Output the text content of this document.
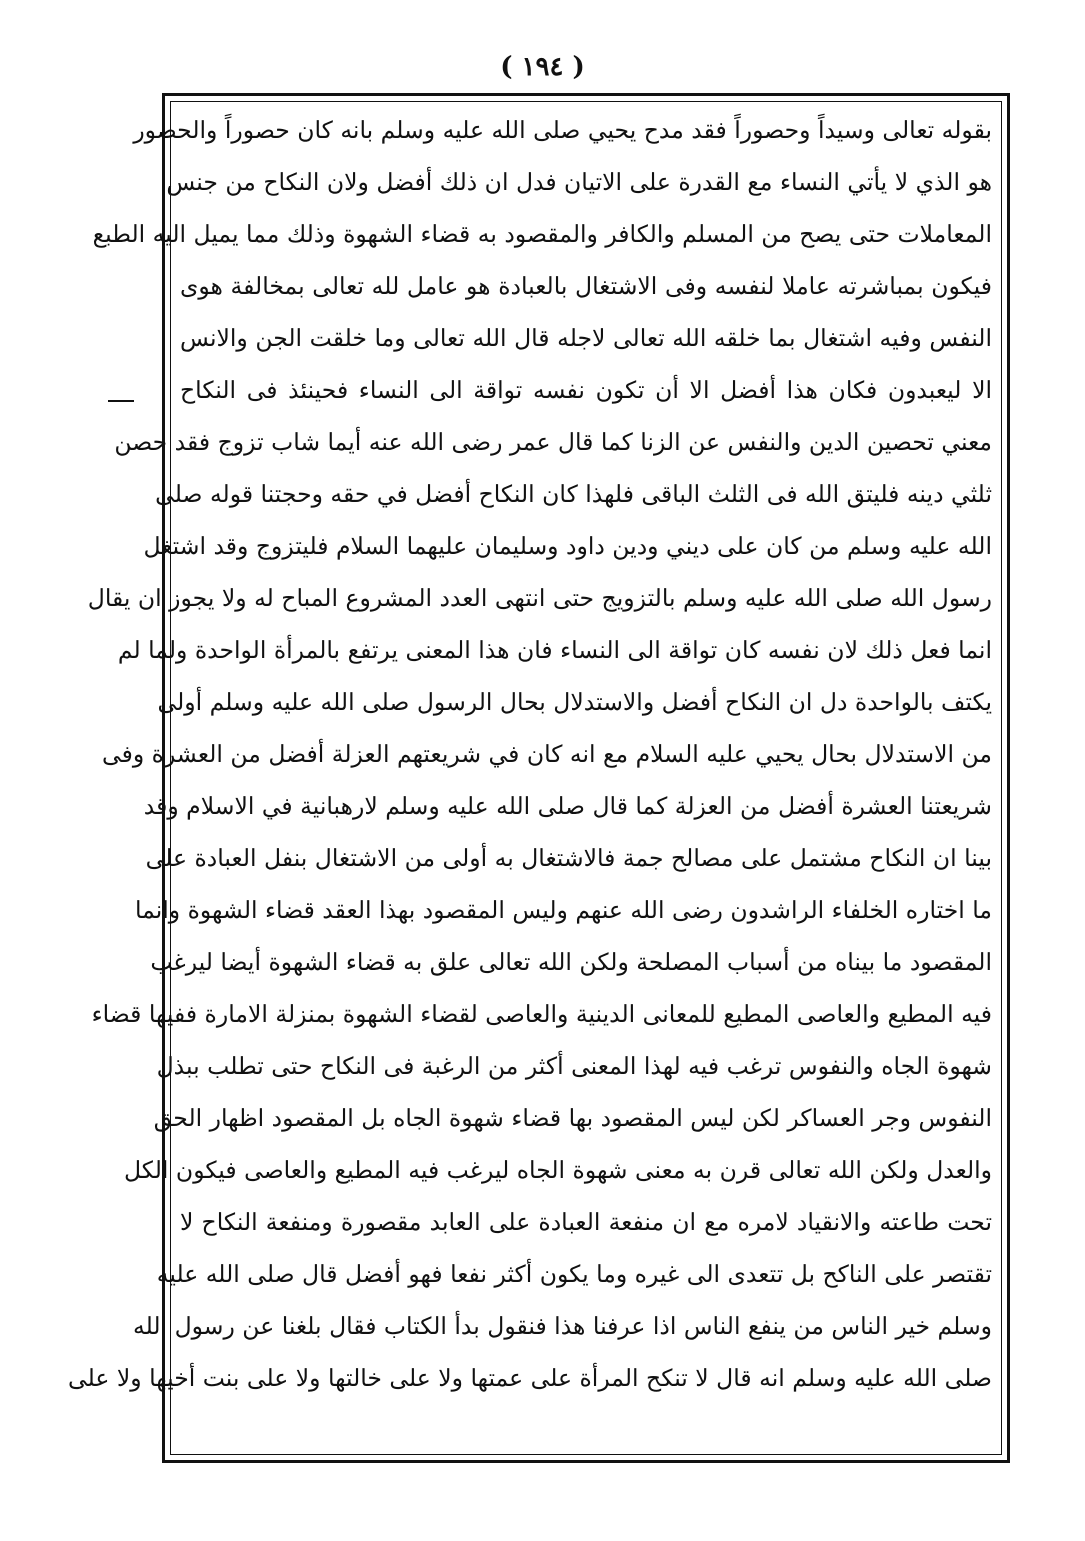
( ١٩٤ )
بقوله تعالى وسيداً وحصوراً فقد مدح يحيي صلى الله عليه وسلم بانه كان حصوراً والحصور
هو الذي لا يأتي النساء مع القدرة على الاتيان فدل ان ذلك أفضل ولان النكاح من جنس
المعاملات حتى يصح من المسلم والكافر والمقصود به قضاء الشهوة وذلك مما يميل اليه الطبع
فيكون بمباشرته عاملا لنفسه وفى الاشتغال بالعبادة هو عامل لله تعالى بمخالفة هوى
النفس وفيه اشتغال بما خلقه الله تعالى لاجله قال الله تعالى وما خلقت الجن والانس
الا ليعبدون فكان هذا أفضل الا أن تكون نفسه تواقة الى النساء فحينئذ فى النكاح
معني تحصين الدين والنفس عن الزنا كما قال عمر رضى الله عنه أيما شاب تزوج فقد حصن
ثلثي دينه فليتق الله فى الثلث الباقى فلهذا كان النكاح أفضل في حقه وحجتنا قوله صلى
الله عليه وسلم من كان على ديني ودين داود وسليمان عليهما السلام فليتزوج وقد اشتغل
رسول الله صلى الله عليه وسلم بالتزويج حتى انتهى العدد المشروع المباح له ولا يجوز ان يقال
انما فعل ذلك لان نفسه كان تواقة الى النساء فان هذا المعنى يرتفع بالمرأة الواحدة ولما لم
يكتف بالواحدة دل ان النكاح أفضل والاستدلال بحال الرسول صلى الله عليه وسلم أولى
من الاستدلال بحال يحيي عليه السلام مع انه كان في شريعتهم العزلة أفضل من العشرة وفى
شريعتنا العشرة أفضل من العزلة كما قال صلى الله عليه وسلم لارهبانية في الاسلام وقد
بينا ان النكاح مشتمل على مصالح جمة فالاشتغال به أولى من الاشتغال بنفل العبادة على
ما اختاره الخلفاء الراشدون رضى الله عنهم وليس المقصود بهذا العقد قضاء الشهوة وانما
المقصود ما بيناه من أسباب المصلحة ولكن الله تعالى علق به قضاء الشهوة أيضا ليرغب
فيه المطيع والعاصى المطيع للمعانى الدينية والعاصى لقضاء الشهوة بمنزلة الامارة ففيها قضاء
شهوة الجاه والنفوس ترغب فيه لهذا المعنى أكثر من الرغبة فى النكاح حتى تطلب ببذل
النفوس وجر العساكر لكن ليس المقصود بها قضاء شهوة الجاه بل المقصود اظهار الحق
والعدل ولكن الله تعالى قرن به معنى شهوة الجاه ليرغب فيه المطيع والعاصى فيكون الكل
تحت طاعته والانقياد لامره مع ان منفعة العبادة على العابد مقصورة ومنفعة النكاح لا
تقتصر على الناكح بل تتعدى الى غيره وما يكون أكثر نفعا فهو أفضل قال صلى الله عليه
وسلم خير الناس من ينفع الناس اذا عرفنا هذا فنقول بدأ الكتاب فقال بلغنا عن رسول الله
صلى الله عليه وسلم انه قال لا تنكح المرأة على عمتها ولا على خالتها ولا على بنت أخيها ولا على
